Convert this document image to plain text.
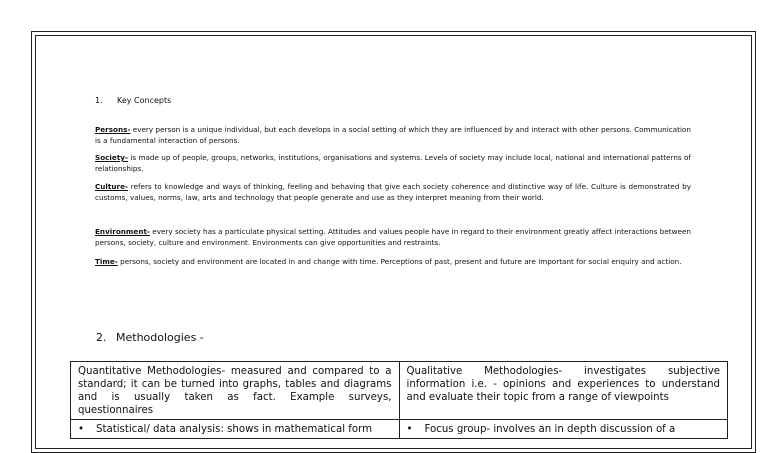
1. Key Concepts
Persons- every person is a unique individual, but each develops in a social setting of which they are influenced by and interact with other persons. Communication is a fundamental interaction of persons.
Society- is made up of people, groups, networks, institutions, organisations and systems. Levels of society may include local, national and international patterns of relationships.
Culture- refers to knowledge and ways of thinking, feeling and behaving that give each society coherence and distinctive way of life. Culture is demonstrated by customs, values, norms, law, arts and technology that people generate and use as they interpret meaning from their world.
Environment- every society has a particulate physical setting. Attitudes and values people have in regard to their environment greatly affect interactions between persons, society, culture and environment. Environments can give opportunities and restraints.
Time- persons, society and environment are located in and change with time. Perceptions of past, present and future are important for social enquiry and action.
2. Methodologies -
Quantitative Methodologies- measured and compared to a standard; it can be turned into graphs, tables and diagrams and is usually taken as fact. Example surveys, questionnaires	Qualitative Methodologies- investigates subjective information i.e. - opinions and experiences to understand and evaluate their topic from a range of viewpoints
• Statistical/ data analysis: shows in mathematical form	• Focus group- involves an in depth discussion of a
